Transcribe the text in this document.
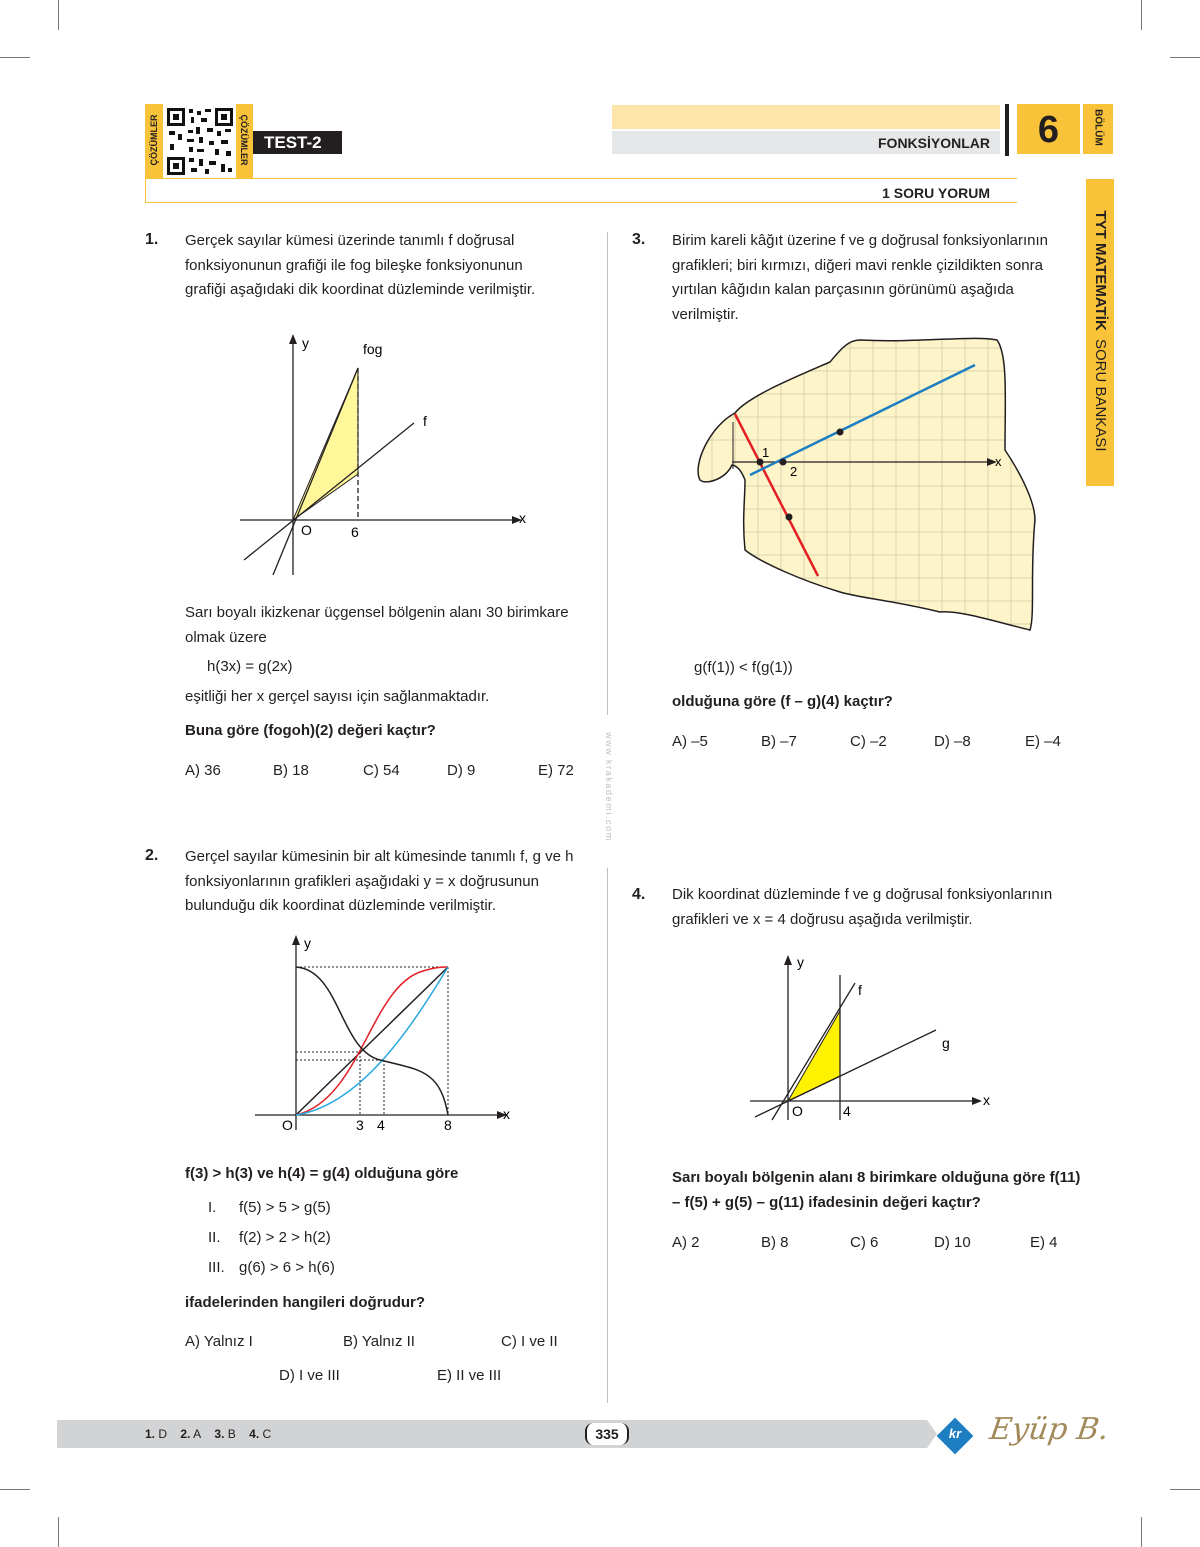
ÇÖZÜMLER	ÇÖZÜMLER TEST-2	FONKSİYONLAR	6	BÖLÜM
1 SORU YORUM
TYT MATEMATİK SORU BANKASI
www.krakademi.com
1. Gerçek sayılar kümesi üzerinde tanımlı f doğrusal fonksiyonunun grafiği ile fog bileşke fonksiyonunun grafiği aşağıdaki dik koordinat düzleminde verilmiştir.
y
x
O	6
fog
f
Sarı boyalı ikizkenar üçgensel bölgenin alanı 30 birimkare olmak üzere
h(3x) = g(2x)
eşitliği her x gerçel sayısı için sağlanmaktadır.
Buna göre (fogoh)(2) değeri kaçtır?
A) 36	B) 18	C) 54	D) 9	E) 72
2. Gerçel sayılar kümesinin bir alt kümesinde tanımlı f, g ve h fonksiyonlarının grafikleri aşağıdaki y = x doğrusunun bulunduğu dik koordinat düzleminde verilmiştir.
y
x
O	3 4	8
f(3) > h(3) ve h(4) = g(4) olduğuna göre
I. f(5) > 5 > g(5)
II. f(2) > 2 > h(2)
III. g(6) > 6 > h(6)
ifadelerinden hangileri doğrudur?
A) Yalnız I	B) Yalnız II	C) I ve II
D) I ve III	E) II ve III
3. Birim kareli kâğıt üzerine f ve g doğrusal fonksiyonlarının grafikleri; biri kırmızı, diğeri mavi renkle çizildikten sonra yırtılan kâğıdın kalan parçasının görünümü aşağıda verilmiştir.
1
2
x
g(f(1)) < f(g(1))
olduğuna göre (f – g)(4) kaçtır?
A) –5	B) –7	C) –2	D) –8	E) –4
4. Dik koordinat düzleminde f ve g doğrusal fonksiyonlarının grafikleri ve x = 4 doğrusu aşağıda verilmiştir.
y
x
O	4
f
g
Sarı boyalı bölgenin alanı 8 birimkare olduğuna göre f(11) – f(5) + g(5) – g(11) ifadesinin değeri kaçtır?
A) 2	B) 8	C) 6	D) 10	E) 4
1. D 2. A 3. B 4. C	335	kr Eyüp B.
